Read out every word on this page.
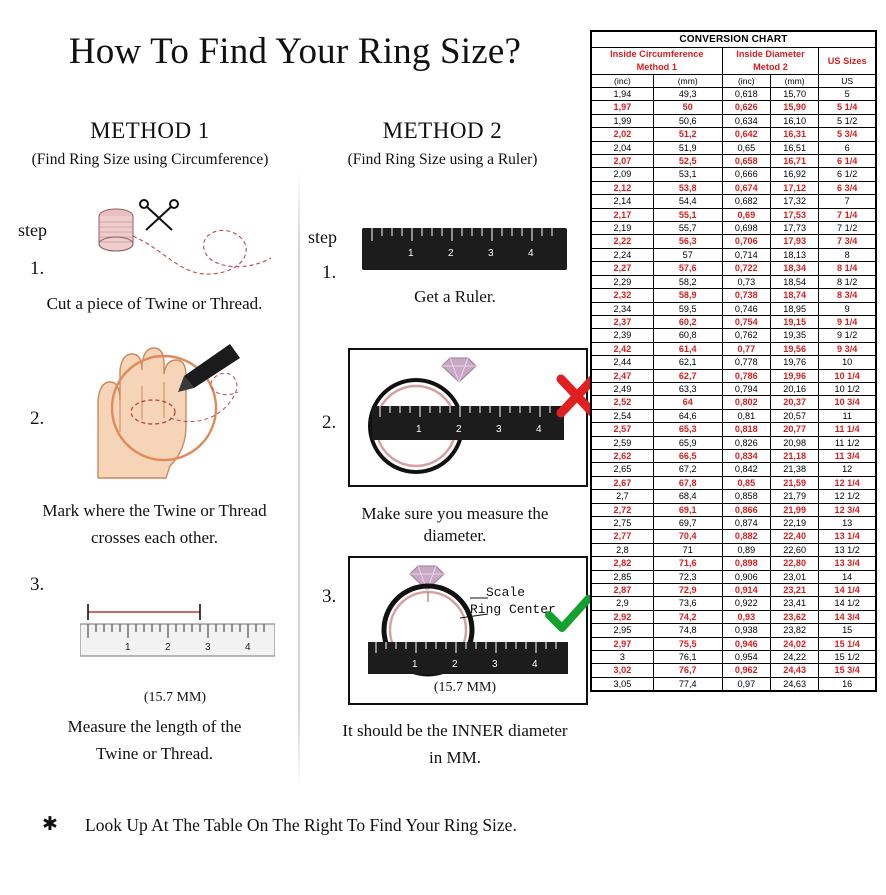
How To Find Your Ring Size?
METHOD 1
(Find Ring Size using Circumference)
step
1.
Cut a piece of Twine or Thread.
2.
Mark where the Twine or Thread
crosses each other.
3.
1	2	3	4
(15.7 MM)
Measure the length of the
Twine or Thread.
METHOD 2
(Find Ring Size using a Ruler)
step
1.
1	2	3	4
Get a Ruler.
2.	1	2	3	4
Make sure you measure the diameter.
3.
1	2	3	4
Scale
Ring Center
(15.7 MM)
It should be the INNER diameter
in MM.
✱ Look Up At The Table On The Right To Find Your Ring Size.
CONVERSION CHART				
Inside Circumference
Method 1		Inside Diameter
Metod 2		US Sizes
(inc)	(mm)	(inc)	(mm)	US
1,94	49,3	0,618	15,70	5
1,97	50	0,626	15,90	5 1/4
1,99	50,6	0,634	16,10	5 1/2
2,02	51,2	0,642	16,31	5 3/4
2,04	51,9	0,65	16,51	6
2,07	52,5	0,658	16,71	6 1/4
2,09	53,1	0,666	16,92	6 1/2
2,12	53,8	0,674	17,12	6 3/4
2,14	54,4	0,682	17,32	7
2,17	55,1	0,69	17,53	7 1/4
2,19	55,7	0,698	17,73	7 1/2
2,22	56,3	0,706	17,93	7 3/4
2,24	57	0,714	18,13	8
2,27	57,6	0,722	18,34	8 1/4
2,29	58,2	0,73	18,54	8 1/2
2,32	58,9	0,738	18,74	8 3/4
2,34	59,5	0,746	18,95	9
2,37	60,2	0,754	19,15	9 1/4
2,39	60,8	0,762	19,35	9 1/2
2,42	61,4	0,77	19,56	9 3/4
2,44	62,1	0,778	19,76	10
2,47	62,7	0,786	19,96	10 1/4
2,49	63,3	0,794	20,16	10 1/2
2,52	64	0,802	20,37	10 3/4
2,54	64,6	0,81	20,57	11
2,57	65,3	0,818	20,77	11 1/4
2,59	65,9	0,826	20,98	11 1/2
2,62	66,5	0,834	21,18	11 3/4
2,65	67,2	0,842	21,38	12
2,67	67,8	0,85	21,59	12 1/4
2,7	68,4	0,858	21,79	12 1/2
2,72	69,1	0,866	21,99	12 3/4
2,75	69,7	0,874	22,19	13
2,77	70,4	0,882	22,40	13 1/4
2,8	71	0,89	22,60	13 1/2
2,82	71,6	0,898	22,80	13 3/4
2,85	72,3	0,906	23,01	14
2,87	72,9	0,914	23,21	14 1/4
2,9	73,6	0,922	23,41	14 1/2
2,92	74,2	0,93	23,62	14 3/4
2,95	74,8	0,938	23,82	15
2,97	75,5	0,946	24,02	15 1/4
3	76,1	0,954	24,22	15 1/2
3,02	76,7	0,962	24,43	15 3/4
3,05	77,4	0,97	24,63	16
